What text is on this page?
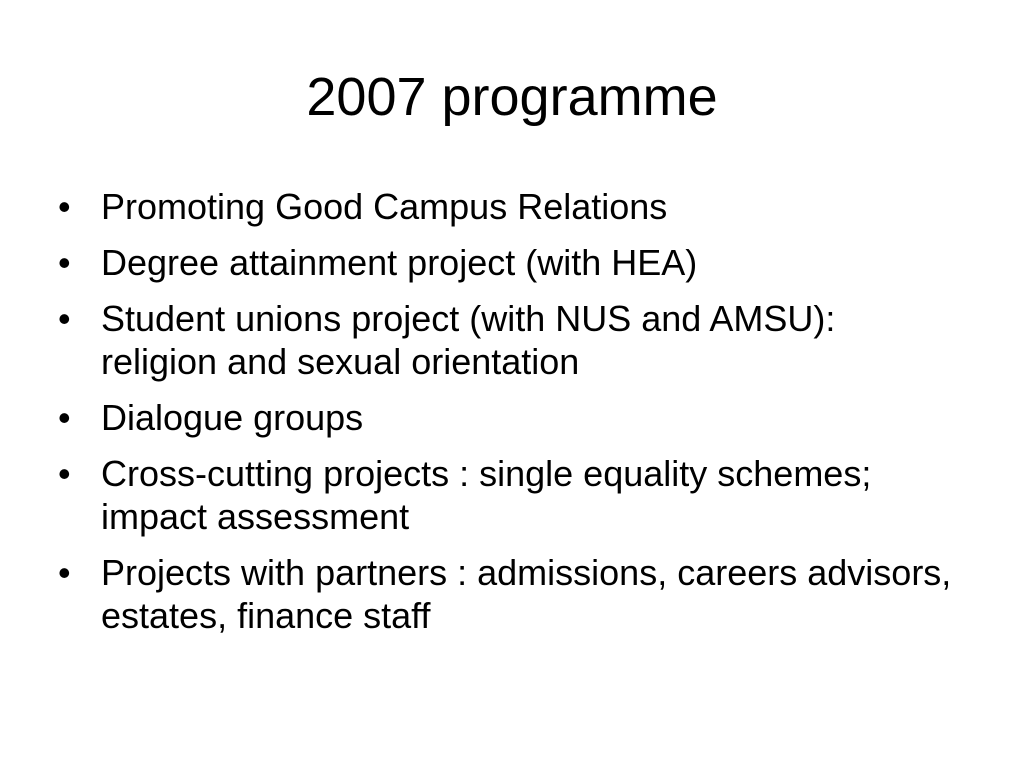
2007 programme
• Promoting Good Campus Relations
• Degree attainment project (with HEA)
• Student unions project (with NUS and AMSU): religion and sexual orientation
• Dialogue groups
• Cross-cutting projects : single equality schemes; impact assessment
• Projects with partners : admissions, careers advisors, estates, finance staff
